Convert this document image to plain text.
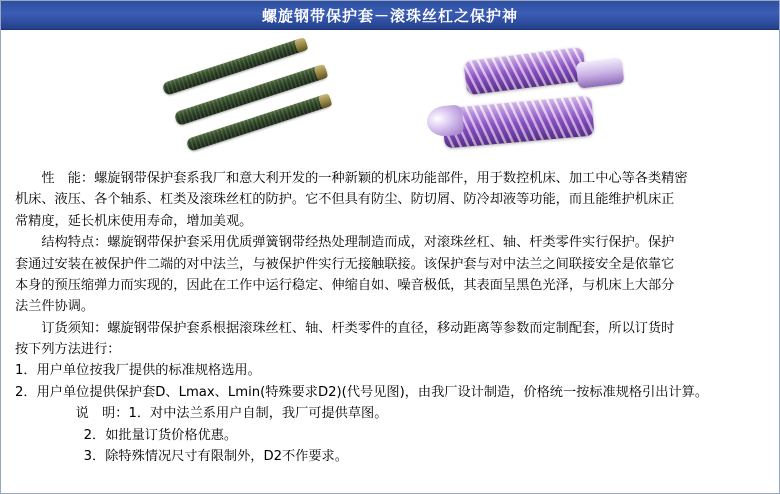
螺旋钢带保护套－滚珠丝杠之保护神

　　性　能：螺旋钢带保护套系我厂和意大利开发的一种新颖的机床功能部件，用于数控机床、加工中心等各类精密

机床、液压、各个轴系、杠类及滚珠丝杠的防护。它不但具有防尘、防切屑、防冷却液等功能，而且能维护机床正

常精度，延长机床使用寿命，增加美观。

　　结构特点：螺旋钢带保护套采用优质弹簧钢带经热处理制造而成，对滚珠丝杠、轴、杆类零件实行保护。保护

套通过安装在被保护件二端的对中法兰，与被保护件实行无接触联接。该保护套与对中法兰之间联接安全是依靠它

本身的预压缩弹力而实现的，因此在工作中运行稳定、伸缩自如、噪音极低，其表面呈黑色光泽，与机床上大部分

法兰件协调。

　　订货须知：螺旋钢带保护套系根据滚珠丝杠、轴、杆类零件的直径，移动距离等参数而定制配套，所以订货时

按下列方法进行：

1．用户单位按我厂提供的标准规格选用。

2．用户单位提供保护套D、Lmax、Lmin(特殊要求D2)(代号见图)，由我厂设计制造，价格统一按标准规格引出计算。

　　说　明：1．对中法兰系用户自制，我厂可提供草图。

2．如批量订货价格优惠。

3．除特殊情况尺寸有限制外，D2不作要求。
